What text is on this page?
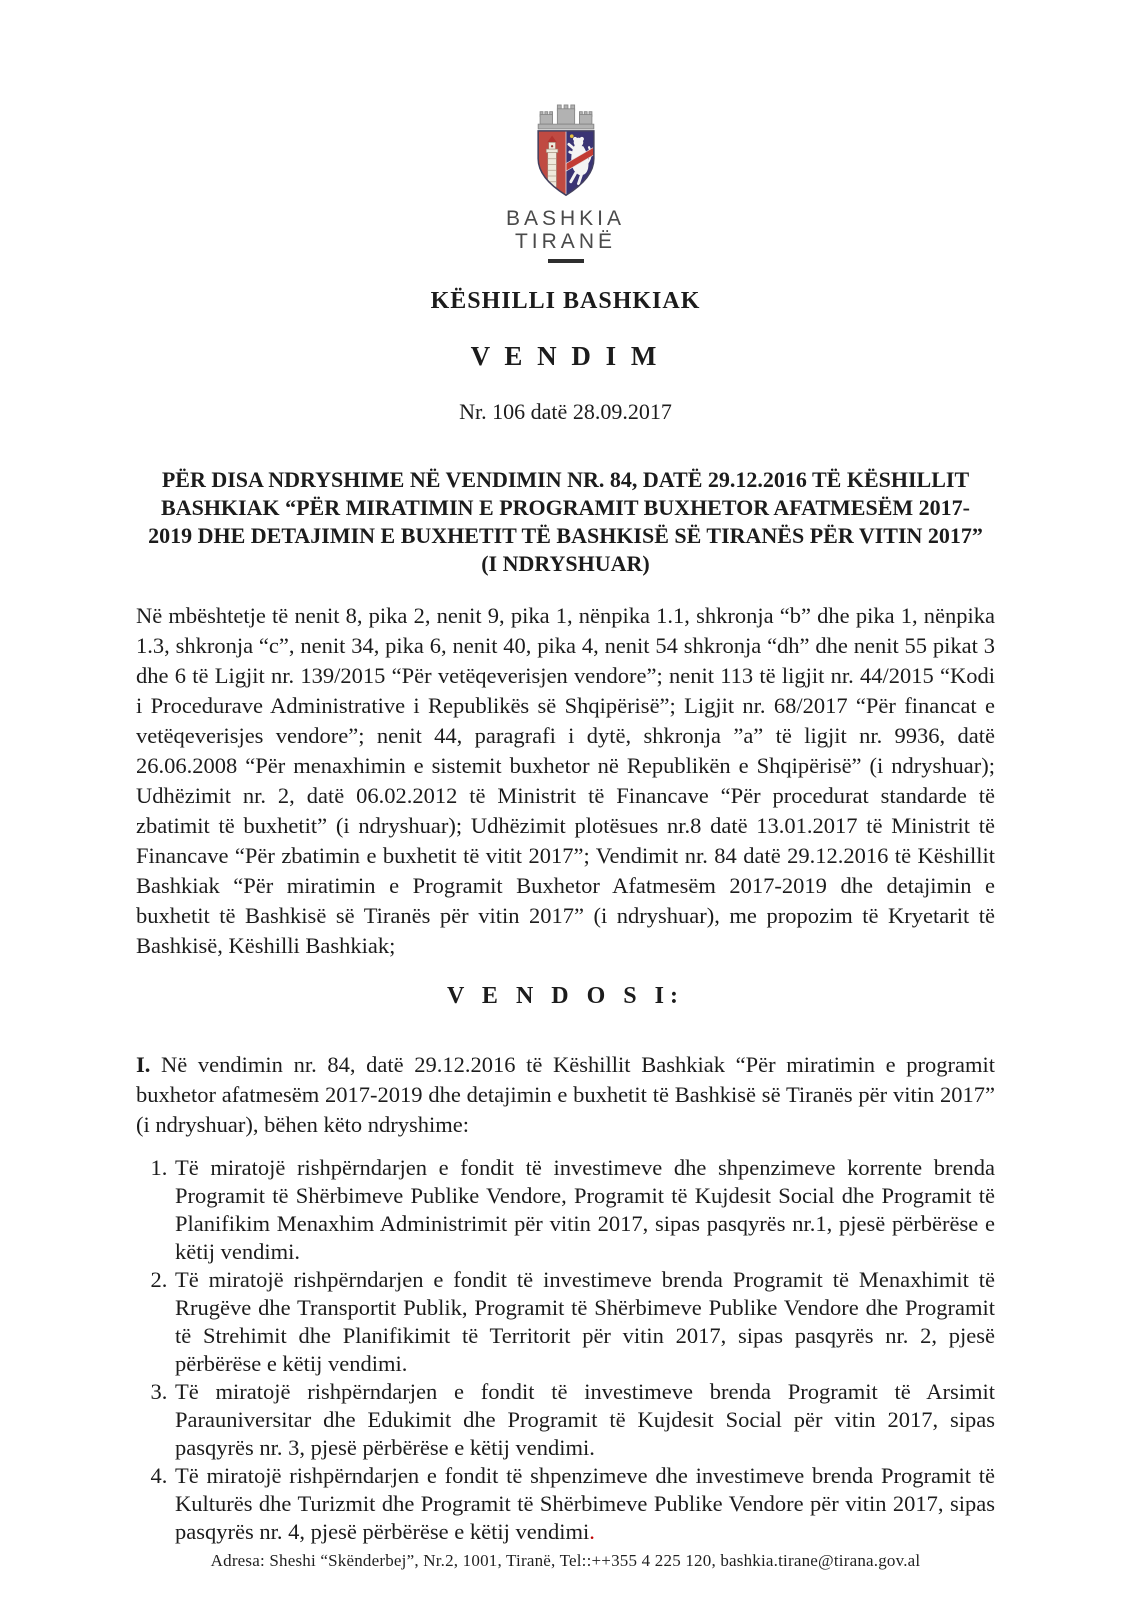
BASHKIA
TIRANË
KËSHILLI BASHKIAK
V E N D I M
Nr. 106 datë 28.09.2017
PËR DISA NDRYSHIME NË VENDIMIN NR. 84, DATË 29.12.2016 TË KËSHILLIT BASHKIAK “PËR MIRATIMIN E PROGRAMIT BUXHETOR AFATMESËM 2017-2019 DHE DETAJIMIN E BUXHETIT TË BASHKISË SË TIRANËS PËR VITIN 2017” (I NDRYSHUAR)

Në mbështetje të nenit 8, pika 2, nenit 9, pika 1, nënpika 1.1, shkronja “b” dhe pika 1, nënpika 1.3, shkronja “c”, nenit 34, pika 6, nenit 40, pika 4, nenit 54 shkronja “dh” dhe nenit 55 pikat 3 dhe 6 të Ligjit nr. 139/2015 “Për vetëqeverisjen vendore”; nenit 113 të ligjit nr. 44/2015 “Kodi i Procedurave Administrative i Republikës së Shqipërisë”; Ligjit nr. 68/2017 “Për financat e vetëqeverisjes vendore”; nenit 44, paragrafi i dytë, shkronja ”a” të ligjit nr. 9936, datë 26.06.2008 “Për menaxhimin e sistemit buxhetor në Republikën e Shqipërisë” (i ndryshuar); Udhëzimit nr. 2, datë 06.02.2012 të Ministrit të Financave “Për procedurat standarde të zbatimit të buxhetit” (i ndryshuar); Udhëzimit plotësues nr.8 datë 13.01.2017 të Ministrit të Financave “Për zbatimin e buxhetit të vitit 2017”; Vendimit nr. 84 datë 29.12.2016 të Këshillit Bashkiak “Për miratimin e Programit Buxhetor Afatmesëm 2017-2019 dhe detajimin e buxhetit të Bashkisë së Tiranës për vitin 2017” (i ndryshuar), me propozim të Kryetarit të Bashkisë, Këshilli Bashkiak;

V E N D O S I:

I. Në vendimin nr. 84, datë 29.12.2016 të Këshillit Bashkiak “Për miratimin e programit buxhetor afatmesëm 2017-2019 dhe detajimin e buxhetit të Bashkisë së Tiranës për vitin 2017” (i ndryshuar), bëhen këto ndryshime:

1. Të miratojë rishpërndarjen e fondit të investimeve dhe shpenzimeve korrente brenda Programit të Shërbimeve Publike Vendore, Programit të Kujdesit Social dhe Programit të Planifikim Menaxhim Administrimit për vitin 2017, sipas pasqyrës nr.1, pjesë përbërëse e këtij vendimi.
2. Të miratojë rishpërndarjen e fondit të investimeve brenda Programit të Menaxhimit të Rrugëve dhe Transportit Publik, Programit të Shërbimeve Publike Vendore dhe Programit të Strehimit dhe Planifikimit të Territorit për vitin 2017, sipas pasqyrës nr. 2, pjesë përbërëse e këtij vendimi.
3. Të miratojë rishpërndarjen e fondit të investimeve brenda Programit të Arsimit Parauniversitar dhe Edukimit dhe Programit të Kujdesit Social për vitin 2017, sipas pasqyrës nr. 3, pjesë përbërëse e këtij vendimi.
4. Të miratojë rishpërndarjen e fondit të shpenzimeve dhe investimeve brenda Programit të Kulturës dhe Turizmit dhe Programit të Shërbimeve Publike Vendore për vitin 2017, sipas pasqyrës nr. 4, pjesë përbërëse e këtij vendimi.
Adresa: Sheshi “Skënderbej”, Nr.2, 1001, Tiranë, Tel::++355 4 225 120, bashkia.tirane@tirana.gov.al
